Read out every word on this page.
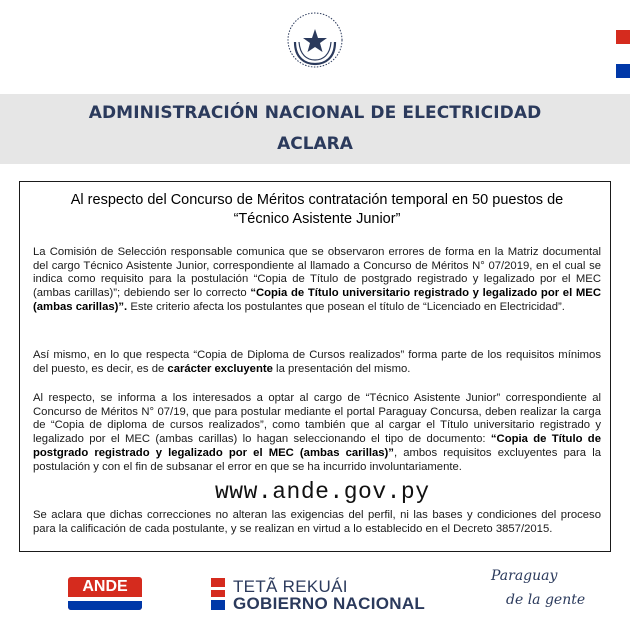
ADMINISTRACIÓN NACIONAL DE ELECTRICIDAD
ACLARA
Al respecto del Concurso de Méritos contratación temporal en 50 puestos de
“Técnico Asistente Junior”

La Comisión de Selección responsable comunica que se observaron errores de forma en la Matriz documental del cargo Técnico Asistente Junior, correspondiente al llamado a Concurso de Méritos N° 07/2019, en el cual se indica como requisito para la postulación “Copia de Título de postgrado registrado y legalizado por el MEC (ambas carillas)”; debiendo ser lo correcto “Copia de Título universitario registrado y legalizado por el MEC (ambas carillas)”. Este criterio afecta los postulantes que posean el título de “Licenciado en Electricidad”.

Así mismo, en lo que respecta “Copia de Diploma de Cursos realizados” forma parte de los requisitos mínimos del puesto, es decir, es de carácter excluyente la presentación del mismo.

Al respecto, se informa a los interesados a optar al cargo de “Técnico Asistente Junior” correspondiente al Concurso de Méritos N° 07/19, que para postular mediante el portal Paraguay Concursa, deben realizar la carga de “Copia de diploma de cursos realizados”, como también que al cargar el Título universitario registrado y legalizado por el MEC (ambas carillas) lo hagan seleccionando el tipo de documento: “Copia de Título de postgrado registrado y legalizado por el MEC (ambas carillas)”, ambos requisitos excluyentes para la postulación y con el fin de subsanar el error en que se ha incurrido involuntariamente.

Se aclara que dichas correcciones no alteran las exigencias del perfil, ni las bases y condiciones del proceso para la calificación de cada postulante, y se realizan en virtud a lo establecido en el Decreto 3857/2015.

www.ande.gov.py
ANDE	TETÃ REKUÁI
GOBIERNO NACIONAL
Paraguay
de la gente
